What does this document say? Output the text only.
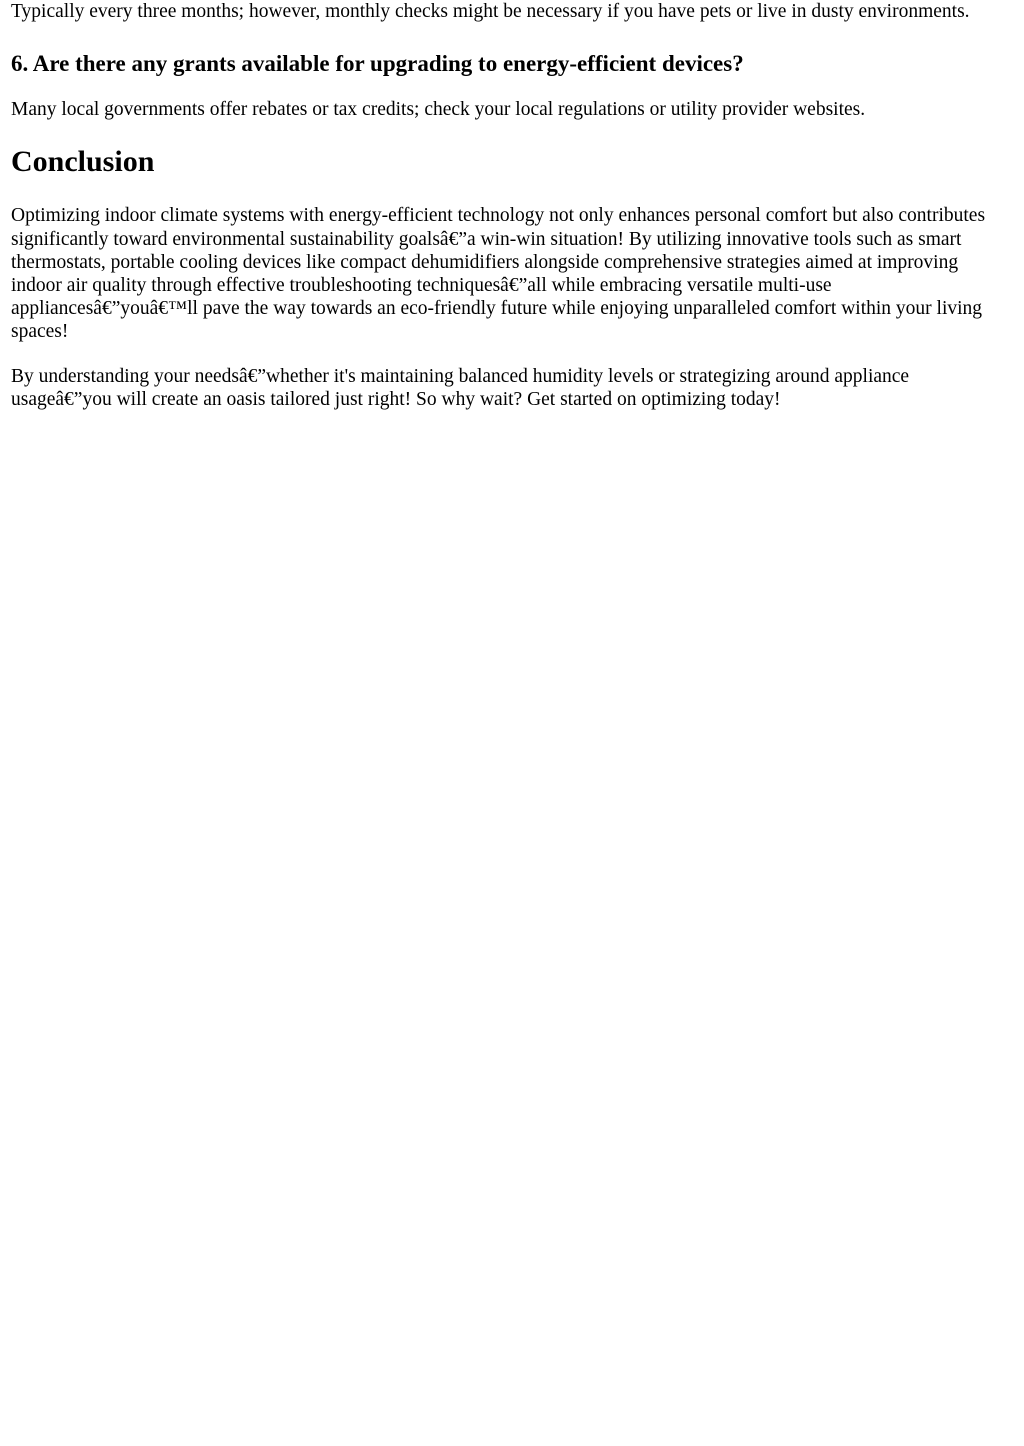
Typically every three months; however, monthly checks might be necessary if you have pets or live in dusty environments.

6. Are there any grants available for upgrading to energy-efficient devices?

Many local governments offer rebates or tax credits; check your local regulations or utility provider websites.

Conclusion

Optimizing indoor climate systems with energy-efficient technology not only enhances personal comfort but also contributes significantly toward environmental sustainability goalsâ€”a win-win situation! By utilizing innovative tools such as smart thermostats, portable cooling devices like compact dehumidifiers alongside comprehensive strategies aimed at improving indoor air quality through effective troubleshooting techniquesâ€”all while embracing versatile multi-use appliancesâ€”youâ€™ll pave the way towards an eco-friendly future while enjoying unparalleled comfort within your living spaces!

By understanding your needsâ€”whether it's maintaining balanced humidity levels or strategizing around appliance usageâ€”you will create an oasis tailored just right! So why wait? Get started on optimizing today!
